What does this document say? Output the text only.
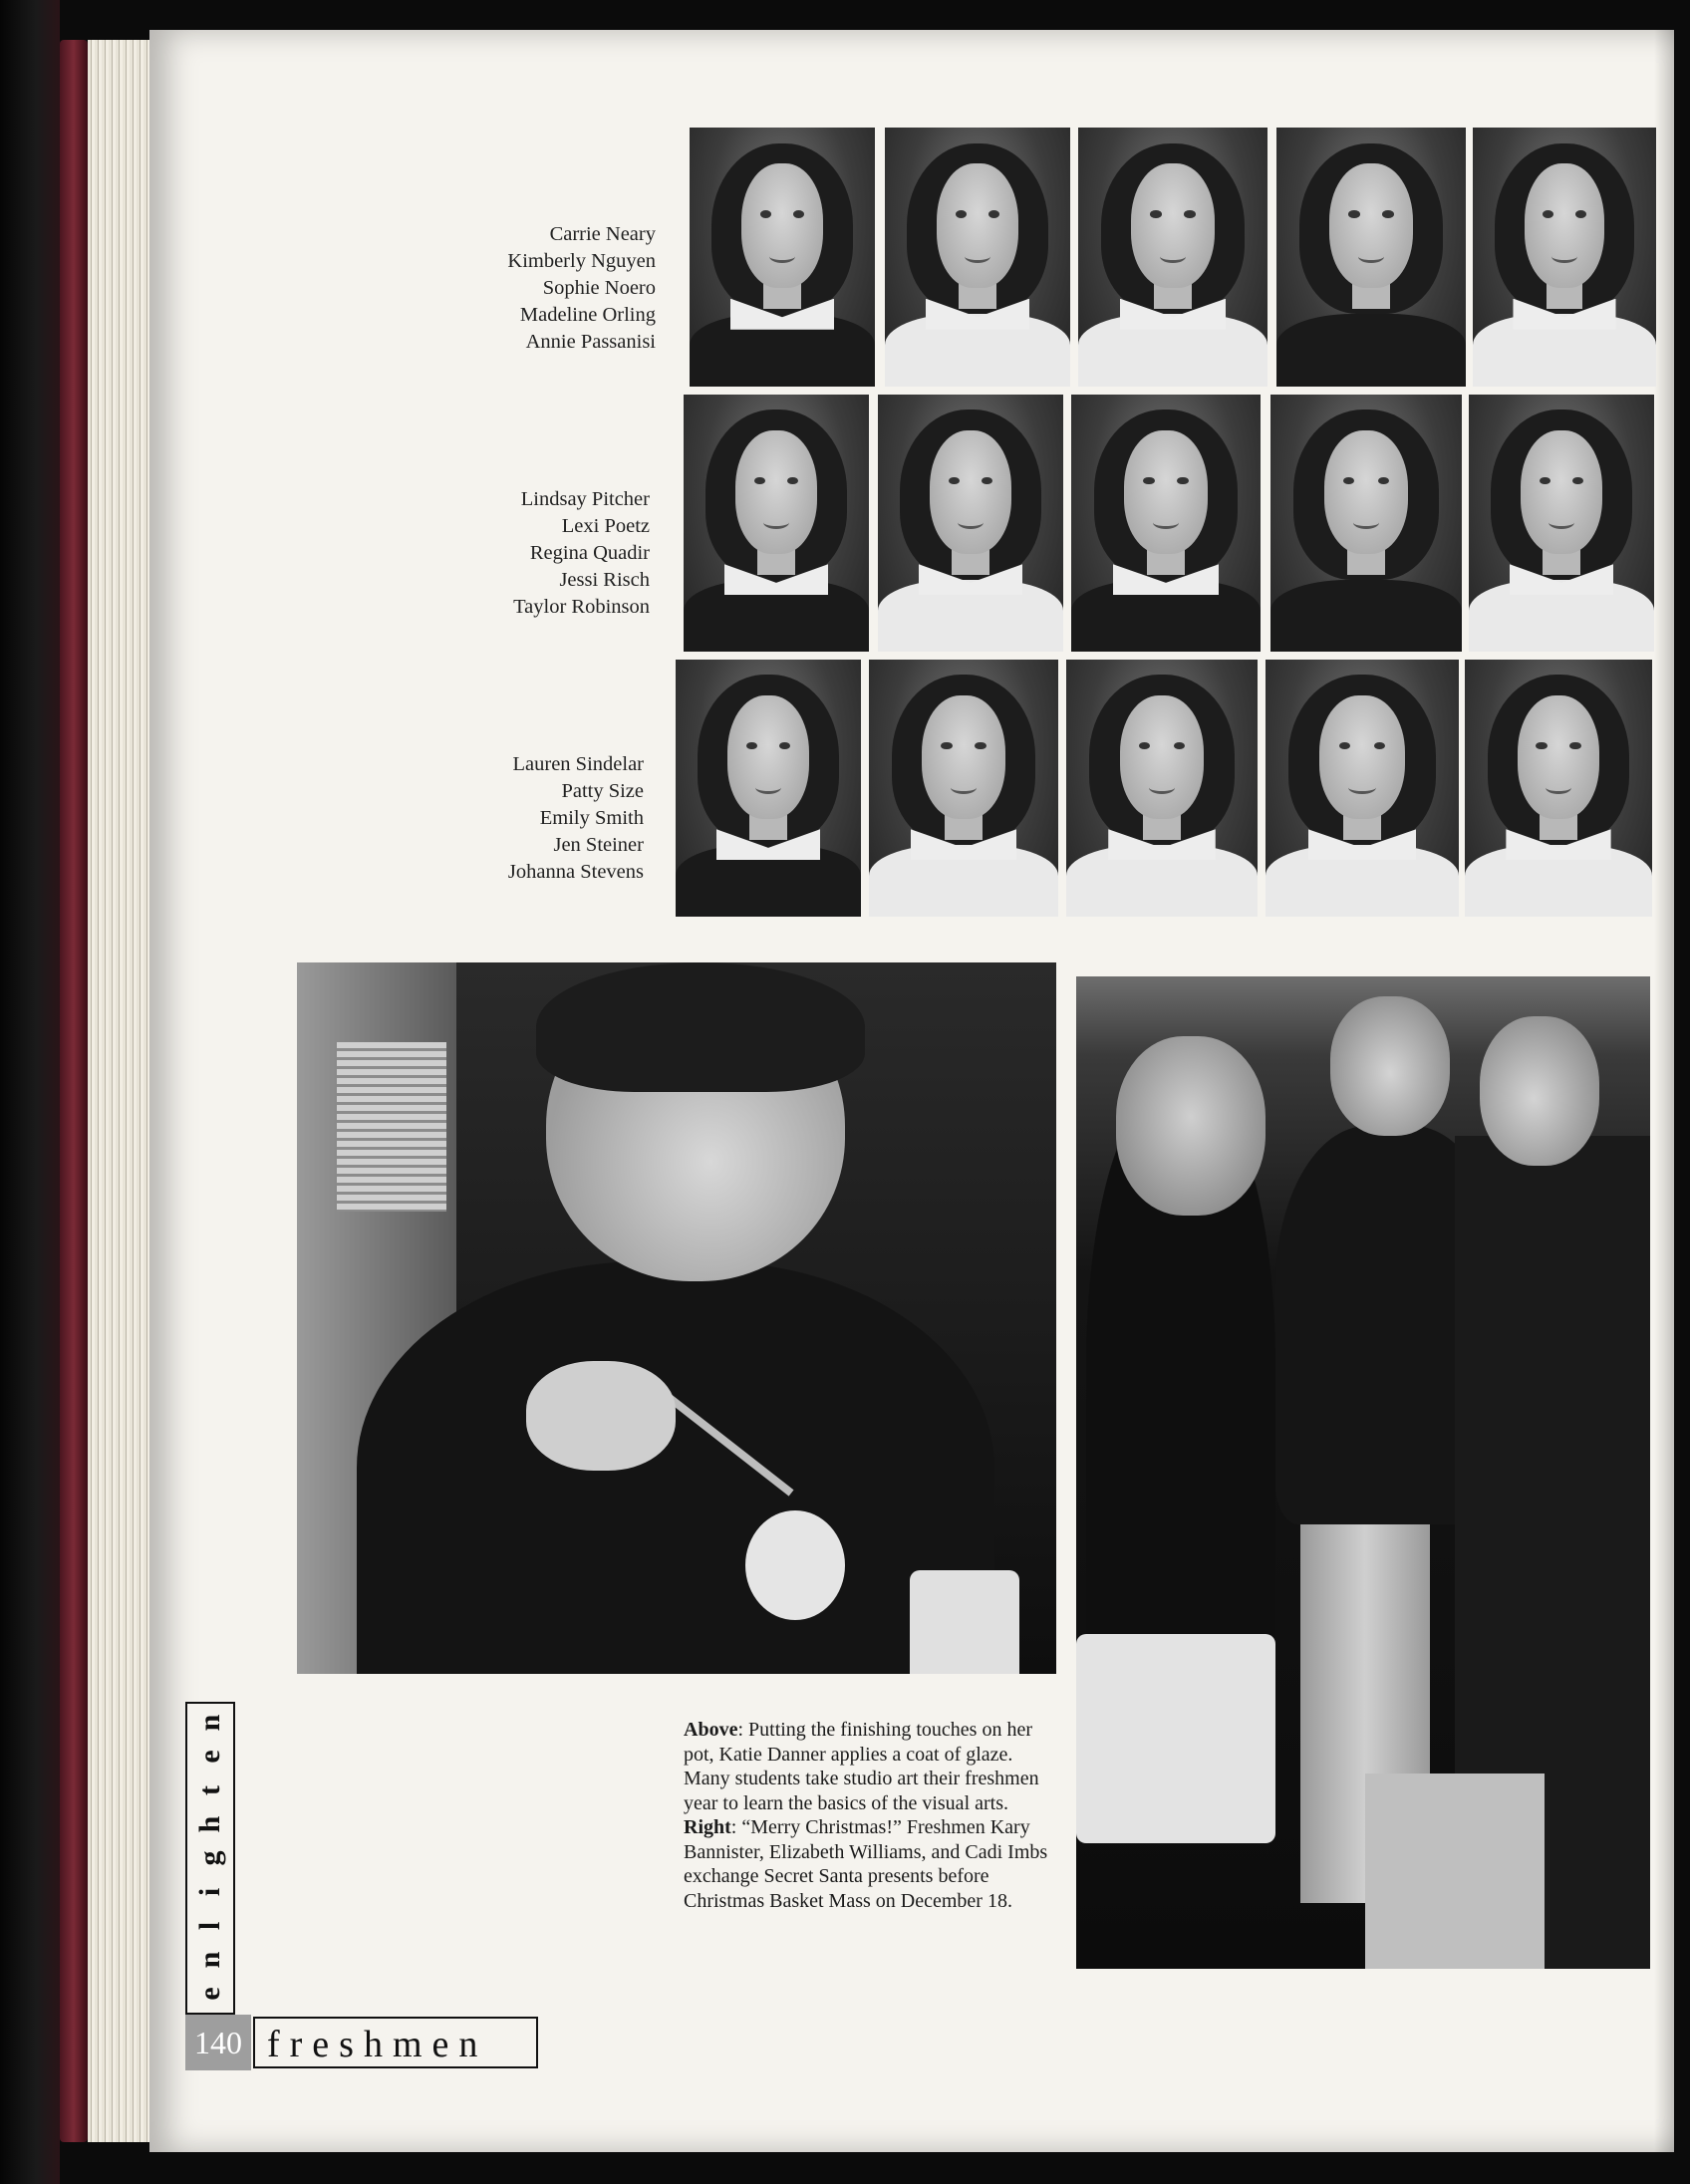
Carrie Neary
Kimberly Nguyen
Sophie Noero
Madeline Orling
Annie Passanisi
Lindsay Pitcher
Lexi Poetz
Regina Quadir
Jessi Risch
Taylor Robinson
Lauren Sindelar
Patty Size
Emily Smith
Jen Steiner
Johanna Stevens
Above: Putting the finishing touches on her pot, Katie Danner applies a coat of glaze. Many students take studio art their freshmen year to learn the basics of the visual arts. Right: “Merry Christmas!” Freshmen Kary Bannister, Elizabeth Williams, and Cadi Imbs exchange Secret Santa presents before Christmas Basket Mass on December 18.
e
n
l
i
g
h
t
e
n
140 freshmen
